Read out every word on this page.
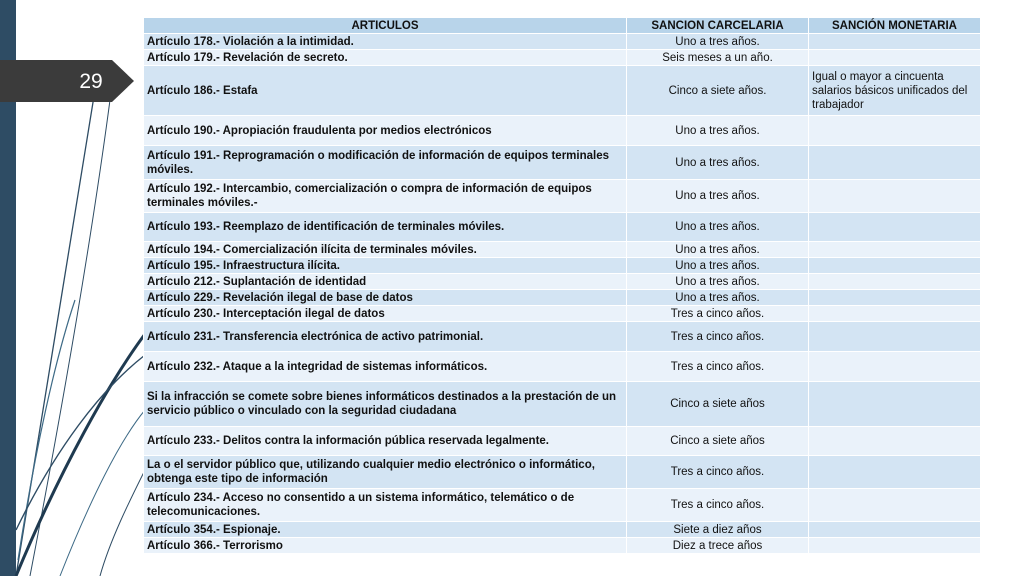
29
ARTICULOS	SANCION CARCELARIA	SANCIÓN MONETARIA
Artículo 178.- Violación a la intimidad.	Uno a tres años.	
Artículo 179.- Revelación de secreto.	Seis meses a un año.	
Artículo 186.- Estafa	Cinco a siete años.	Igual o mayor a cincuenta salarios básicos unificados del trabajador
Artículo 190.- Apropiación fraudulenta por medios electrónicos	Uno a tres años.	
Artículo 191.- Reprogramación o modificación de información de equipos terminales móviles.	Uno a tres años.	
Artículo 192.- Intercambio, comercialización o compra de información de equipos terminales móviles.-	Uno a tres años.	
Artículo 193.- Reemplazo de identificación de terminales móviles.	Uno a tres años.	
Artículo 194.- Comercialización ilícita de terminales móviles.	Uno a tres años.	
Artículo 195.- Infraestructura ilícita.	Uno a tres años.	
Artículo 212.- Suplantación de identidad	Uno a tres años.	
Artículo 229.- Revelación ilegal de base de datos	Uno a tres años.	
Artículo 230.- Interceptación ilegal de datos	Tres a cinco años.	
Artículo 231.- Transferencia electrónica de activo patrimonial.	Tres a cinco años.	
Artículo 232.- Ataque a la integridad de sistemas informáticos.	Tres a cinco años.	
Si la infracción se comete sobre bienes informáticos destinados a la prestación de un servicio público o vinculado con la seguridad ciudadana	Cinco a siete años	
Artículo 233.- Delitos contra la información pública reservada legalmente.	Cinco a siete años	
La o el servidor público que, utilizando cualquier medio electrónico o informático, obtenga este tipo de información	Tres a cinco años.	
Artículo 234.- Acceso no consentido a un sistema informático, telemático o de telecomunicaciones.	Tres a cinco años.	
Artículo 354.- Espionaje.	Siete a diez años	
Artículo 366.- Terrorismo	Diez a trece años	
